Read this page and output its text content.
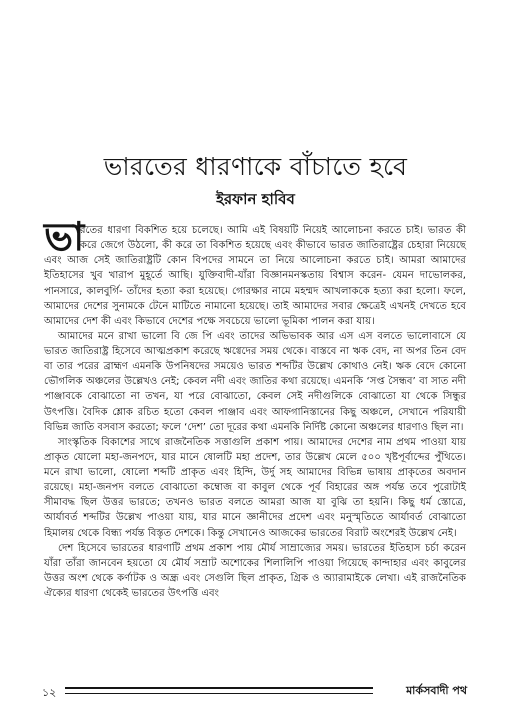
ভারতের ধারণাকে বাঁচাতে হবে
ইরফান হাবিব
ভা

রতের ধারণা বিকশিত হয়ে চলেছে। আমি এই বিষয়টি নিয়েই আলোচনা করতে চাই। ভারত কী করে জেগে উঠলো, কী করে তা বিকশিত হয়েছে এবং কীভাবে ভারত জাতিরাষ্ট্রের চেহারা নিয়েছে এবং আজ সেই জাতিরাষ্ট্রটি কোন বিপদের সামনে তা নিয়ে আলোচনা করতে চাই। আমরা আমাদের ইতিহাসের খুব খারাপ মুহূর্তে আছি। যুক্তিবাদী-যাঁরা বিজ্ঞানমনস্কতায় বিশ্বাস করেন- যেমন দাভোলকর, পানসারে, কালবুর্গি- তাঁদের হত্যা করা হয়েছে। গোরক্ষার নামে মহম্মদ আখলাককে হত্যা করা হলো। ফলে, আমাদের দেশের সুনামকে টেনে মাটিতে নামানো হয়েছে। তাই আমাদের সবার ক্ষেত্রেই এখনই দেখতে হবে আমাদের দেশ কী এবং কিভাবে দেশের পক্ষে সবচেয়ে ভালো ভূমিকা পালন করা যায়।

আমাদের মনে রাখা ভালো বি জে পি এবং তাদের অভিভাবক আর এস এস বলতে ভালোবাসে যে ভারত জাতিরাষ্ট্র হিসেবে আত্মপ্রকাশ করেছে ঋগ্বেদের সময় থেকে। বাস্তবে না ঋক বেদ, না অপর তিন বেদ বা তার পরের ব্রাহ্মণ এমনকি উপনিষদের সময়েও ভারত শব্দটির উল্লেখ কোথাও নেই। ঋক বেদে কোনো ভৌগলিক অঞ্চলের উল্লেখও নেই; কেবল নদী এবং জাতির কথা রয়েছে। এমনকি ‘সপ্ত সৈন্ধব’ বা সাত নদী পাঞ্জাবকে বোঝাতো না তখন, যা পরে বোঝাতো, কেবল সেই নদীগুলিকে বোঝাতো যা থেকে সিন্ধুর উৎপত্তি। বৈদিক শ্লোক রচিত হতো কেবল পাঞ্জাব এবং আফগানিস্তানের কিছু অঞ্চলে, সেখানে পরিযায়ী বিভিন্ন জাতি বসবাস করতো; ফলে ‘দেশ’ তো দূরের কথা এমনকি নির্দিষ্ট কোনো অঞ্চলের ধারণাও ছিল না।

সাংস্কৃতিক বিকাশের সাথে রাজনৈতিক সত্তাগুলি প্রকাশ পায়। আমাদের দেশের নাম প্রথম পাওয়া যায় প্রাকৃত যোলো মহা-জনপদে, যার মানে ষোলটি মহা প্রদেশ, তার উল্লেখ মেলে ৫০০ খৃষ্টপূর্বাব্দের পুঁথিতে। মনে রাখা ভালো, ষোলো শব্দটি প্রাকৃত এবং হিন্দি, উর্দু সহ আমাদের বিভিন্ন ভাষায় প্রাকৃতের অবদান রয়েছে। মহা-জনপদ বলতে বোঝাতো কম্বোজ বা কাবুল থেকে পূর্ব বিহারের অঙ্গ পর্যন্ত তবে পুরোটাই সীমাবদ্ধ ছিল উত্তর ভারতে; তখনও ভারত বলতে আমরা আজ যা বুঝি তা হয়নি। কিছু ধর্ম স্তোত্রে, আর্যাবর্ত শব্দটির উল্লেখ পাওয়া যায়, যার মানে জ্ঞানীদের প্রদেশ এবং মনুস্মৃতিতে আর্যাবর্ত বোঝাতো হিমালয় থেকে বিন্ধ্য পর্যন্ত বিস্তৃত দেশকে। কিন্তু সেখানেও আজকের ভারতের বিরাট অংশেরই উল্লেখ নেই।

দেশ হিসেবে ভারতের ধারণাটি প্রথম প্রকাশ পায় মৌর্য সাম্রাজ্যের সময়। ভারতের ইতিহাস চর্চা করেন যাঁরা তাঁরা জানবেন হয়তো যে মৌর্য সম্রাট অশোকের শিলালিপি পাওয়া গিয়েছে কান্দাহার এবং কাবুলের উত্তর অংশ থেকে কর্ণাটক ও অন্ধ্র এবং সেগুলি ছিল প্রাকৃত, গ্রিক ও অ্যারামাইকে লেখা। এই রাজনৈতিক ঐক্যের ধারণা থেকেই ভারতের উৎপত্তি এবং

১২	মার্কসবাদী পথ
